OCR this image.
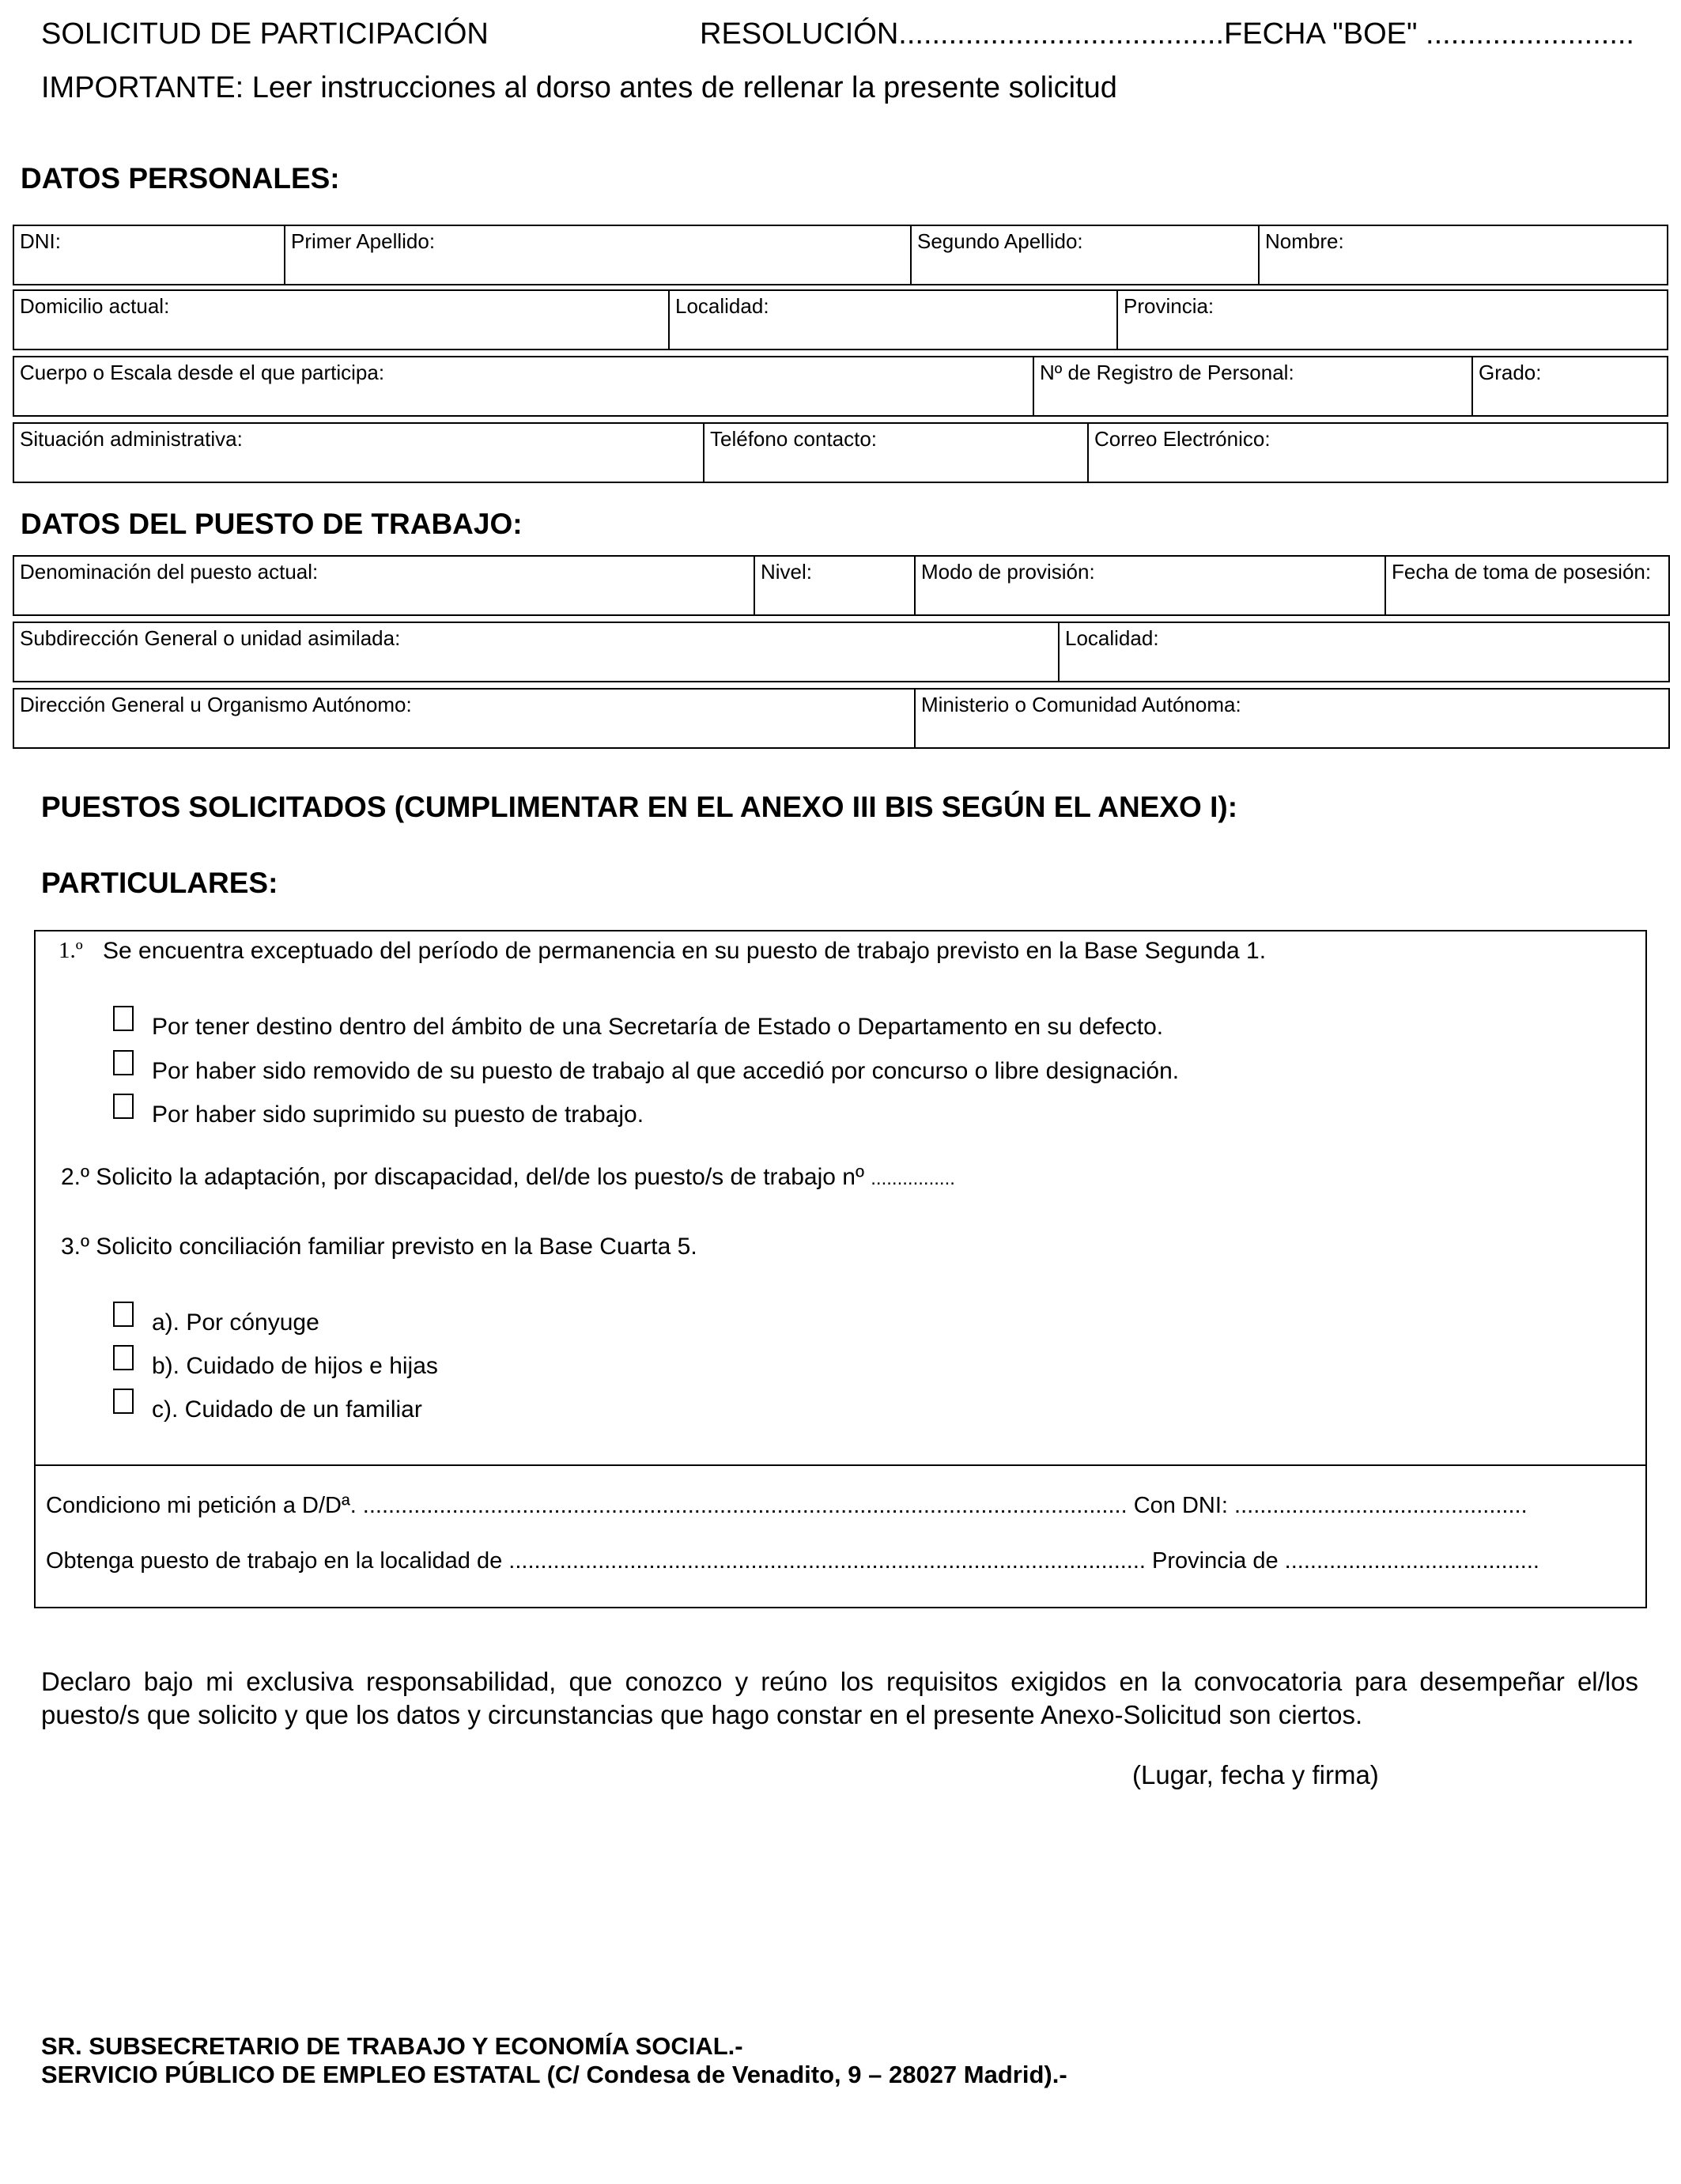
SOLICITUD DE PARTICIPACIÓN	RESOLUCIÓN.......................................FECHA "BOE" .........................
IMPORTANTE: Leer instrucciones al dorso antes de rellenar la presente solicitud
DATOS PERSONALES:
DNI:	Primer Apellido:	Segundo Apellido:	Nombre:
Domicilio actual:	Localidad:	Provincia:
Cuerpo o Escala desde el que participa:	Nº de Registro de Personal:	Grado:
Situación administrativa:	Teléfono contacto:	Correo Electrónico:
DATOS DEL PUESTO DE TRABAJO:
Denominación del puesto actual:	Nivel:	Modo de provisión:	Fecha de toma de posesión:
Subdirección General o unidad asimilada:	Localidad:
Dirección General u Organismo Autónomo:	Ministerio o Comunidad Autónoma:
PUESTOS SOLICITADOS (CUMPLIMENTAR EN EL ANEXO III BIS SEGÚN EL ANEXO I):
PARTICULARES:
1.º Se encuentra exceptuado del período de permanencia en su puesto de trabajo previsto en la Base Segunda 1.
Por tener destino dentro del ámbito de una Secretaría de Estado o Departamento en su defecto.
Por haber sido removido de su puesto de trabajo al que accedió por concurso o libre designación.
Por haber sido suprimido su puesto de trabajo.
2.º Solicito la adaptación, por discapacidad, del/de los puesto/s de trabajo nº ................
3.º Solicito conciliación familiar previsto en la Base Cuarta 5.
a). Por cónyuge
b). Cuidado de hijos e hijas
c). Cuidado de un familiar
Condiciono mi petición a D/Dª. ........................................................................................................................ Con DNI: ..............................................
Obtenga puesto de trabajo en la localidad de .................................................................................................... Provincia de ........................................
Declaro bajo mi exclusiva responsabilidad, que conozco y reúno los requisitos exigidos en la convocatoria para desempeñar el/los puesto/s que solicito y que los datos y circunstancias que hago constar en el presente Anexo-Solicitud son ciertos.
(Lugar, fecha y firma)
SR. SUBSECRETARIO DE TRABAJO Y ECONOMÍA SOCIAL.-
SERVICIO PÚBLICO DE EMPLEO ESTATAL (C/ Condesa de Venadito, 9 – 28027 Madrid).-
